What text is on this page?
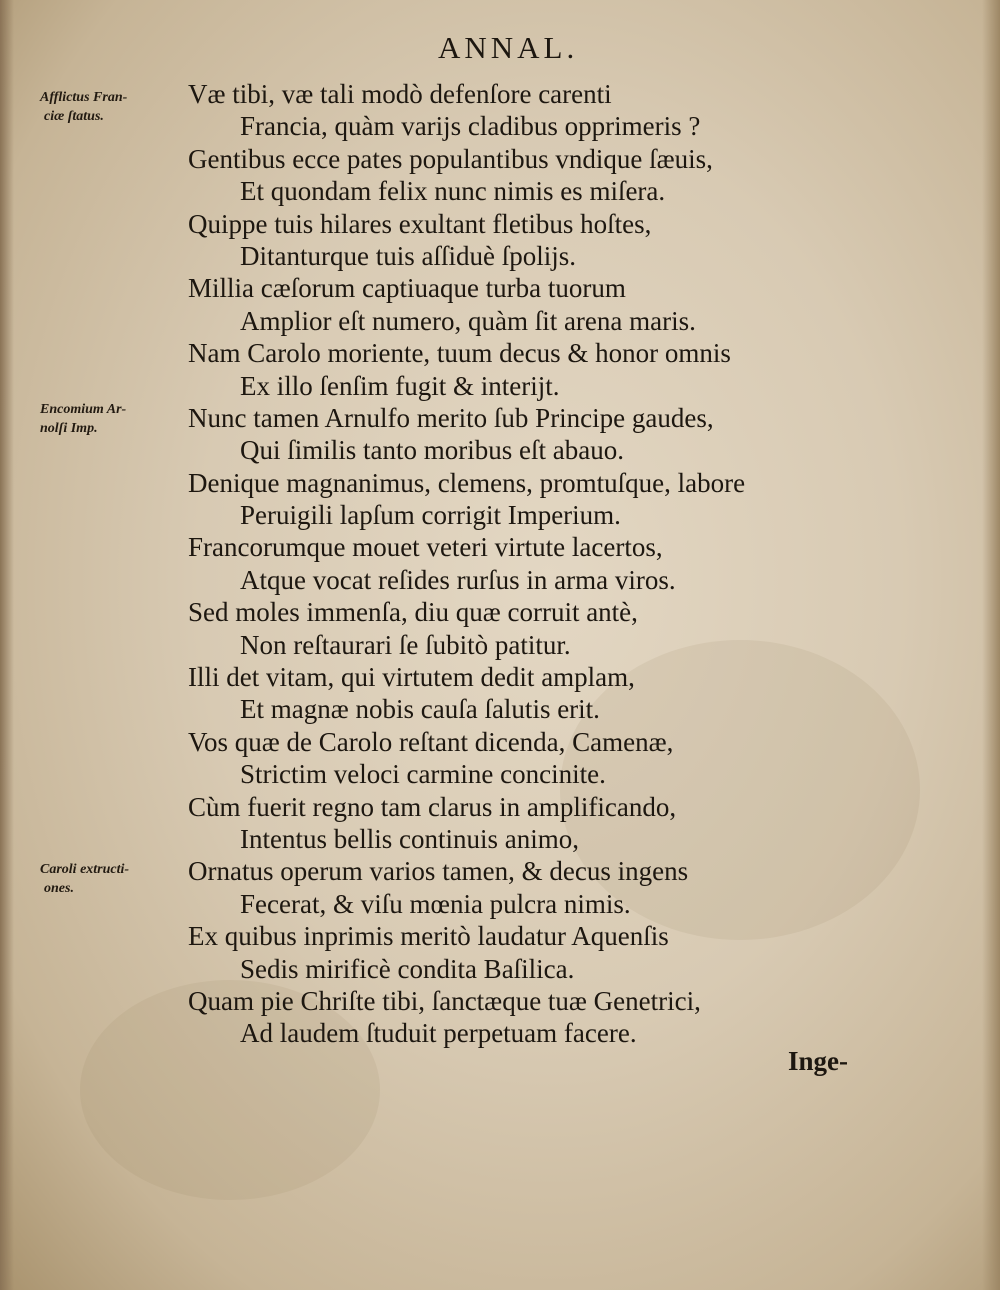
ANNAL.
Afflictus Fran-
ciæ ſtatus.
Encomium Ar-
nolſi Imp.
Caroli extructi-
ones.
Væ tibi, væ tali modò defenſore carenti
Francia, quàm varijs cladibus opprimeris ?
Gentibus ecce pates populantibus vndique ſæuis,
Et quondam felix nunc nimis es miſera.
Quippe tuis hilares exultant fletibus hoſtes,
Ditanturque tuis aſſiduè ſpolijs.
Millia cæſorum captiuaque turba tuorum
Amplior eſt numero, quàm ſit arena maris.
Nam Carolo moriente, tuum decus & honor omnis
Ex illo ſenſim fugit & interijt.
Nunc tamen Arnulfo merito ſub Principe gaudes,
Qui ſimilis tanto moribus eſt abauo.
Denique magnanimus, clemens, promtuſque, labore
Peruigili lapſum corrigit Imperium.
Francorumque mouet veteri virtute lacertos,
Atque vocat reſides rurſus in arma viros.
Sed moles immenſa, diu quæ corruit antè,
Non reſtaurari ſe ſubitò patitur.
Illi det vitam, qui virtutem dedit amplam,
Et magnæ nobis cauſa ſalutis erit.
Vos quæ de Carolo reſtant dicenda, Camenæ,
Strictim veloci carmine concinite.
Cùm fuerit regno tam clarus in amplificando,
Intentus bellis continuis animo,
Ornatus operum varios tamen, & decus ingens
Fecerat, & viſu mœnia pulcra nimis.
Ex quibus inprimis meritò laudatur Aquenſis
Sedis mirificè condita Baſilica.
Quam pie Chriſte tibi, ſanctæque tuæ Genetrici,
Ad laudem ſtuduit perpetuam facere.
Inge-
